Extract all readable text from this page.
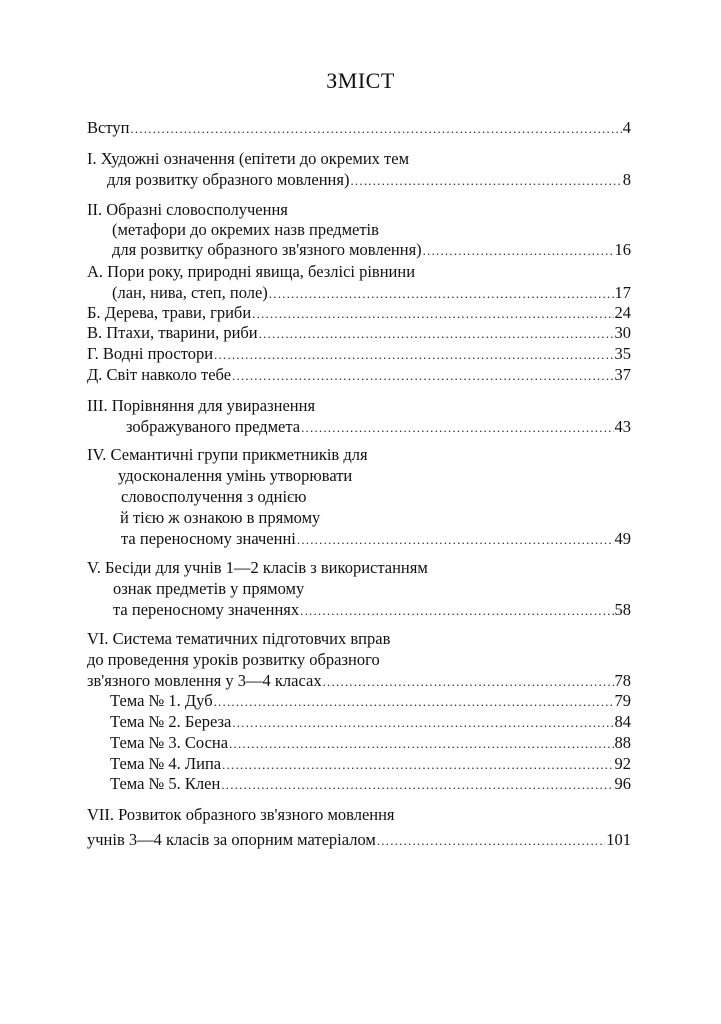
ЗМІСТ
Вступ .....	4
І. Художні означення (епітети до окремих тем
для розвитку образного мовлення) .....	8
ІІ. Образні словосполучення
(метафори до окремих назв предметів
для розвитку образного зв'язного мовлення) .....	16
А. Пори року, природні явища, безлісі рівнини
(лан, нива, степ, поле) .....	17
Б. Дерева, трави, гриби .....	24
В. Птахи, тварини, риби .....	30
Г. Водні простори .....	35
Д. Світ навколо тебе .....	37
ІІІ. Порівняння для увиразнення
зображуваного предмета .....	43
ІV. Семантичні групи прикметників для
удосконалення умінь утворювати
словосполучення з однією
й тією ж ознакою в прямому
та переносному значенні .....	49
V. Бесіди для учнів 1—2 класів з використанням
ознак предметів у прямому
та переносному значеннях .....	58
VІ. Система тематичних підготовчих вправ
до проведення уроків розвитку образного
зв'язного мовлення у 3—4 класах .....	78
Тема № 1. Дуб .....	79
Тема № 2. Береза .....	84
Тема № 3. Сосна .....	88
Тема № 4. Липа .....	92
Тема № 5. Клен .....	96
VІІ. Розвиток образного зв'язного мовлення
учнів 3—4 класів за опорним матеріалом .....	101
